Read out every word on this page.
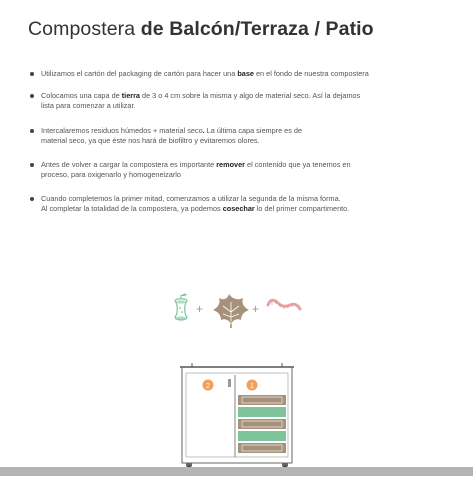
Compostera de Balcón/Terraza / Patio
Utilizamos el cartón del packaging de cartón para hacer una base en el fondo de nuestra compostera
Colocamos una capa de tierra de 3 o 4 cm sobre la misma y algo de material seco. Así la dejamos
lista para comenzar a utilizar.
Intercalaremos residuos húmedos + material seco. La última capa siempre es de
material seco, ya que éste nos hará de biofiltro y evitaremos olores.
Antes de volver a cargar la compostera es importante remover el contenido que ya tenemos en
proceso, para oxigenarlo y homogeneizarlo
Cuando completemos la primer mitad, comenzamos a utilizar la segunda de la misma forma.
Al completar la totalidad de la compostera, ya podemos cosechar lo del primer compartimento.
+	+
2	1
